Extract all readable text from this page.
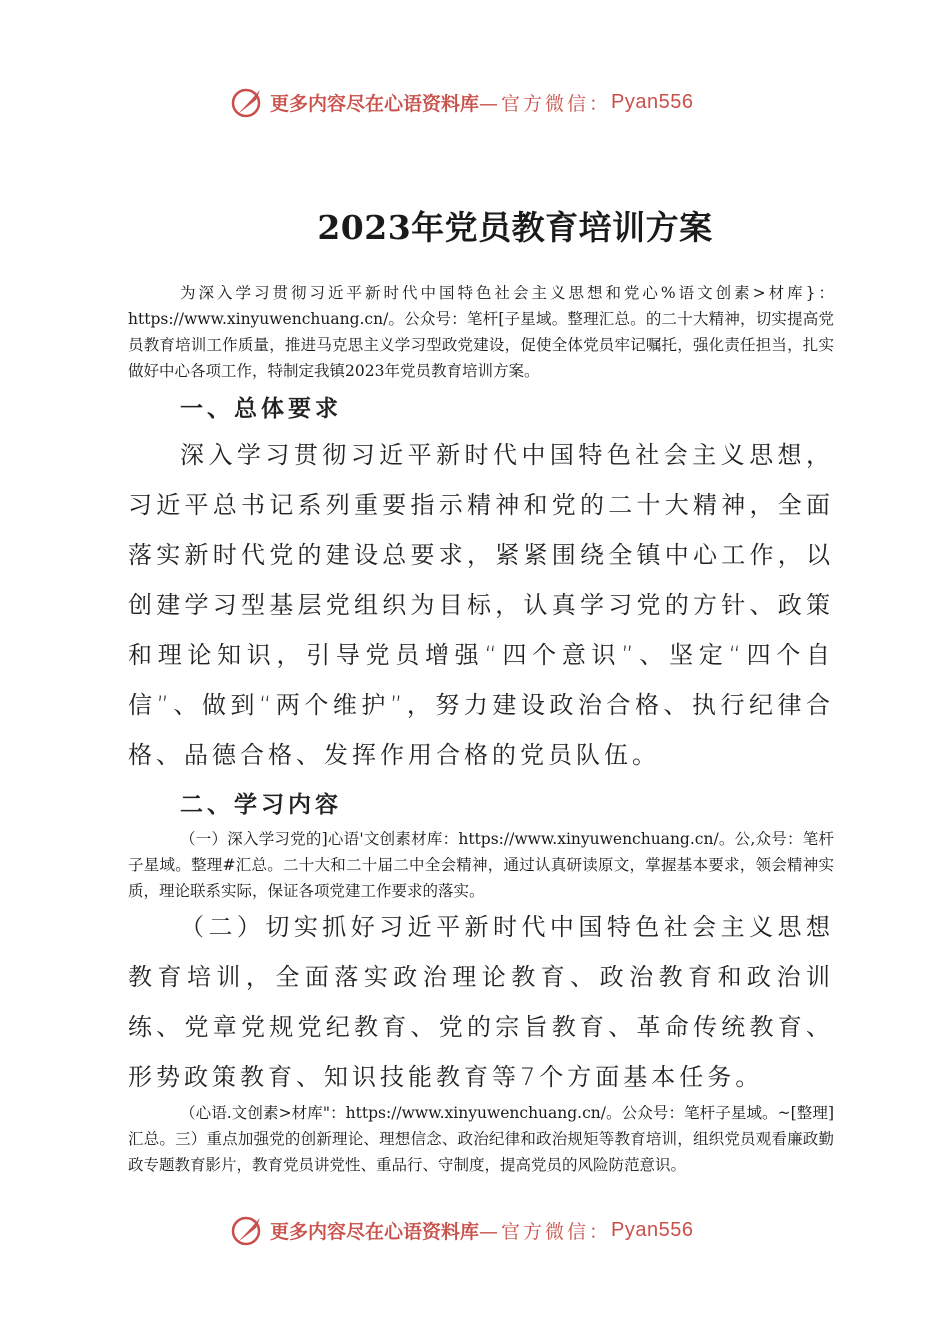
更多内容尽在心语资料库 —官方微信： Pyan556
2023年党员教育培训方案

为深入学习贯彻习近平新时代中国特色社会主义思想和党心%语文创素>材库}：https://www.xinyuwenchuang.cn/。公众号：笔杆[子星域。整理汇总。的二十大精神，切实提高党员教育培训工作质量，推进马克思主义学习型政党建设，促使全体党员牢记嘱托，强化责任担当，扎实做好中心各项工作，特制定我镇2023年党员教育培训方案。

一、总体要求

深入学习贯彻习近平新时代中国特色社会主义思想，习近平总书记系列重要指示精神和党的二十大精神，全面落实新时代党的建设总要求，紧紧围绕全镇中心工作，以创建学习型基层党组织为目标，认真学习党的方针、政策和理论知识，引导党员增强“四个意识”、坚定“四个自信”、做到“两个维护”，努力建设政治合格、执行纪律合格、品德合格、发挥作用合格的党员队伍。

二、学习内容

（一）深入学习党的]心语'文创素材库：https://www.xinyuwenchuang.cn/。公,众号：笔杆子星域。整理#汇总。二十大和二十届二中全会精神，通过认真研读原文，掌握基本要求，领会精神实质，理论联系实际，保证各项党建工作要求的落实。

（二）切实抓好习近平新时代中国特色社会主义思想教育培训，全面落实政治理论教育、政治教育和政治训练、党章党规党纪教育、党的宗旨教育、革命传统教育、形势政策教育、知识技能教育等7个方面基本任务。

（心语.文创素>材库"：https://www.xinyuwenchuang.cn/。公众号：笔杆子星域。~[整理]汇总。三）重点加强党的创新理论、理想信念、政治纪律和政治规矩等教育培训，组织党员观看廉政勤政专题教育影片，教育党员讲党性、重品行、守制度，提高党员的风险防范意识。

更多内容尽在心语资料库 —官方微信： Pyan556
